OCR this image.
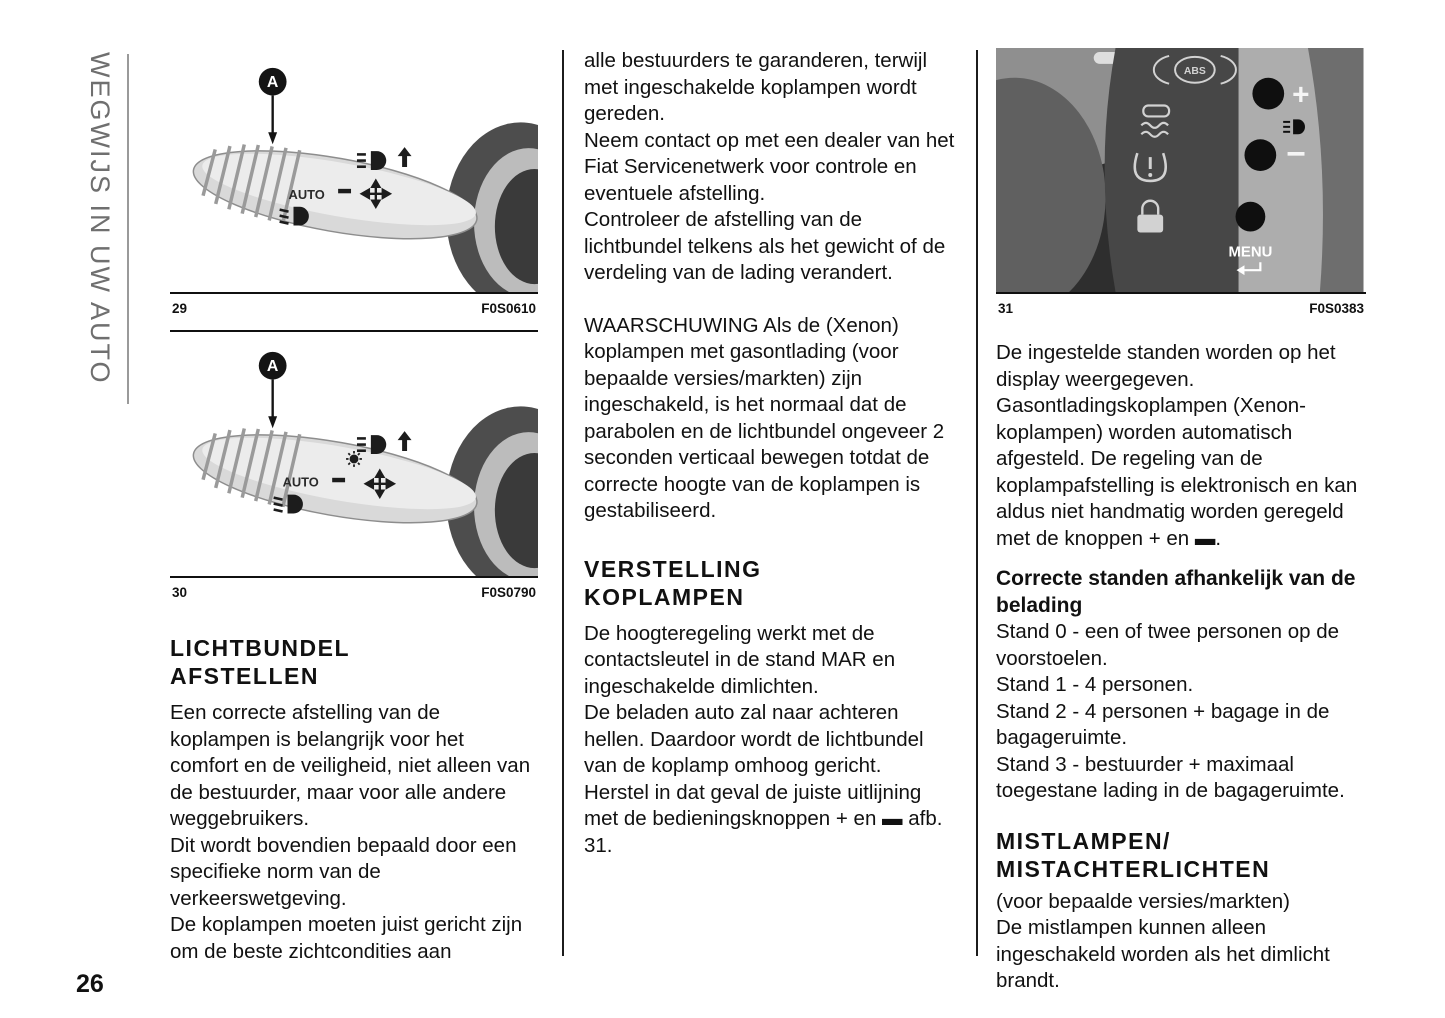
WEGWIJS IN UW AUTO	AUTO
A
29	F0S0610
AUTO
A
30	F0S0790
LICHTBUNDEL AFSTELLEN

Een correcte afstelling van de koplampen is belangrijk voor het comfort en de veiligheid, niet alleen van de bestuurder, maar voor alle andere weggebruikers.

Dit wordt bovendien bepaald door een specifieke norm van de verkeerswetgeving.

De koplampen moeten juist gericht zijn om de beste zichtcondities aan

alle bestuurders te garanderen, terwijl met ingeschakelde koplampen wordt gereden.

Neem contact op met een dealer van het Fiat Servicenetwerk voor controle en eventuele afstelling.

Controleer de afstelling van de lichtbundel telkens als het gewicht of de verdeling van de lading verandert.

WAARSCHUWING Als de (Xenon) koplampen met gasontlading (voor bepaalde versies/markten) zijn ingeschakeld, is het normaal dat de parabolen en de lichtbundel ongeveer 2 seconden verticaal bewegen totdat de correcte hoogte van de koplampen is gestabiliseerd.

VERSTELLING KOPLAMPEN

De hoogteregeling werkt met de contactsleutel in de stand MAR en ingeschakelde dimlichten.

De beladen auto zal naar achteren hellen. Daardoor wordt de lichtbundel van de koplamp omhoog gericht.

Herstel in dat geval de juiste uitlijning met de bedieningsknoppen + en ▬ afb. 31.

ABS
+
−
MENU
31	F0S0383

De ingestelde standen worden op het display weergegeven.

Gasontladingskoplampen (Xenon-koplampen) worden automatisch afgesteld. De regeling van de koplampafstelling is elektronisch en kan aldus niet handmatig worden geregeld met de knoppen + en ▬.

Correcte standen afhankelijk van de belading

Stand 0 - een of twee personen op de voorstoelen.

Stand 1 - 4 personen.

Stand 2 - 4 personen + bagage in de bagageruimte.

Stand 3 - bestuurder + maximaal toegestane lading in de bagageruimte.

MISTLAMPEN/ MISTACHTERLICHTEN

(voor bepaalde versies/markten)

De mistlampen kunnen alleen ingeschakeld worden als het dimlicht brandt.

26
